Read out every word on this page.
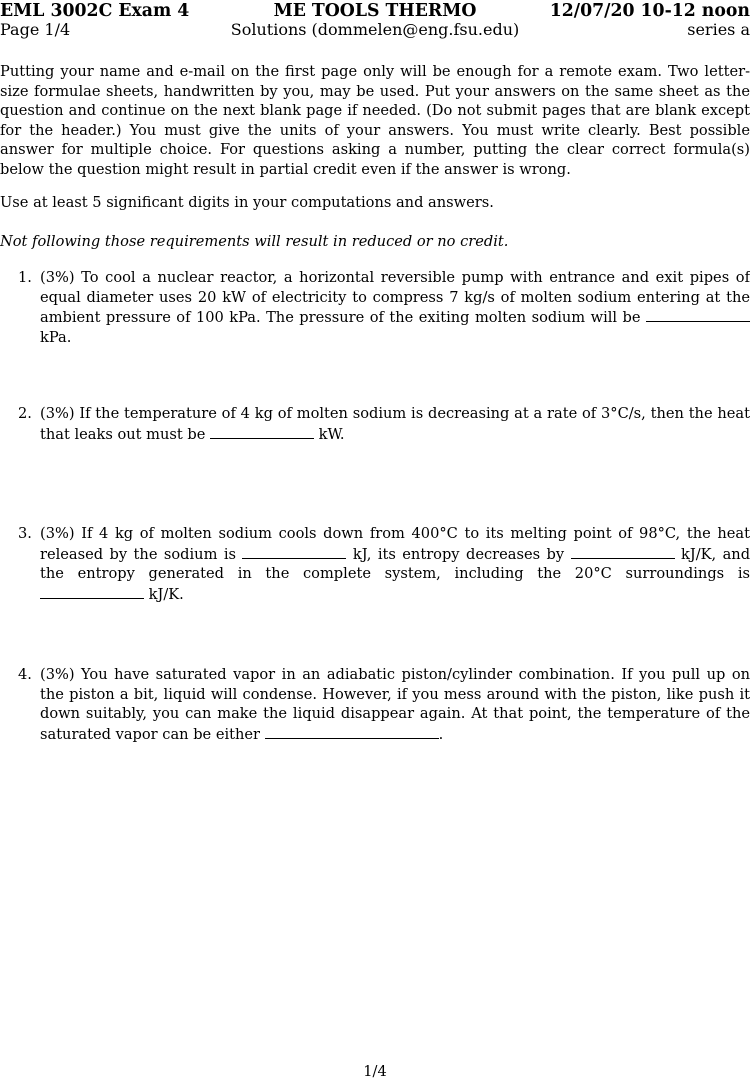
EML 3002C Exam 4	ME TOOLS THERMO	12/07/20 10-12 noon
Page 1/4	Solutions (dommelen@eng.fsu.edu)	series a
Putting your name and e-mail on the first page only will be enough for a remote exam. Two letter-size formulae sheets, handwritten by you, may be used. Put your answers on the same sheet as the question and continue on the next blank page if needed. (Do not submit pages that are blank except for the header.) You must give the units of your answers. You must write clearly. Best possible answer for multiple choice. For questions asking a number, putting the clear correct formula(s) below the question might result in partial credit even if the answer is wrong.
Use at least 5 significant digits in your computations and answers.
Not following those requirements will result in reduced or no credit.
1. (3%) To cool a nuclear reactor, a horizontal reversible pump with entrance and exit pipes of equal diameter uses 20 kW of electricity to compress 7 kg/s of molten sodium entering at the ambient pressure of 100 kPa. The pressure of the exiting molten sodium will be  kPa.
2. (3%) If the temperature of 4 kg of molten sodium is decreasing at a rate of 3°C/s, then the heat that leaks out must be	kW.
3. (3%) If 4 kg of molten sodium cools down from 400°C to its melting point of 98°C, the heat released by the sodium is	kJ, its entropy decreases by	kJ/K, and the entropy generated in the complete system, including the 20°C surroundings is  kJ/K.
4. (3%) You have saturated vapor in an adiabatic piston/cylinder combination. If you pull up on the piston a bit, liquid will condense. However, if you mess around with the piston, like push it down suitably, you can make the liquid disappear again. At that point, the temperature of the saturated vapor can be either	.
1/4
